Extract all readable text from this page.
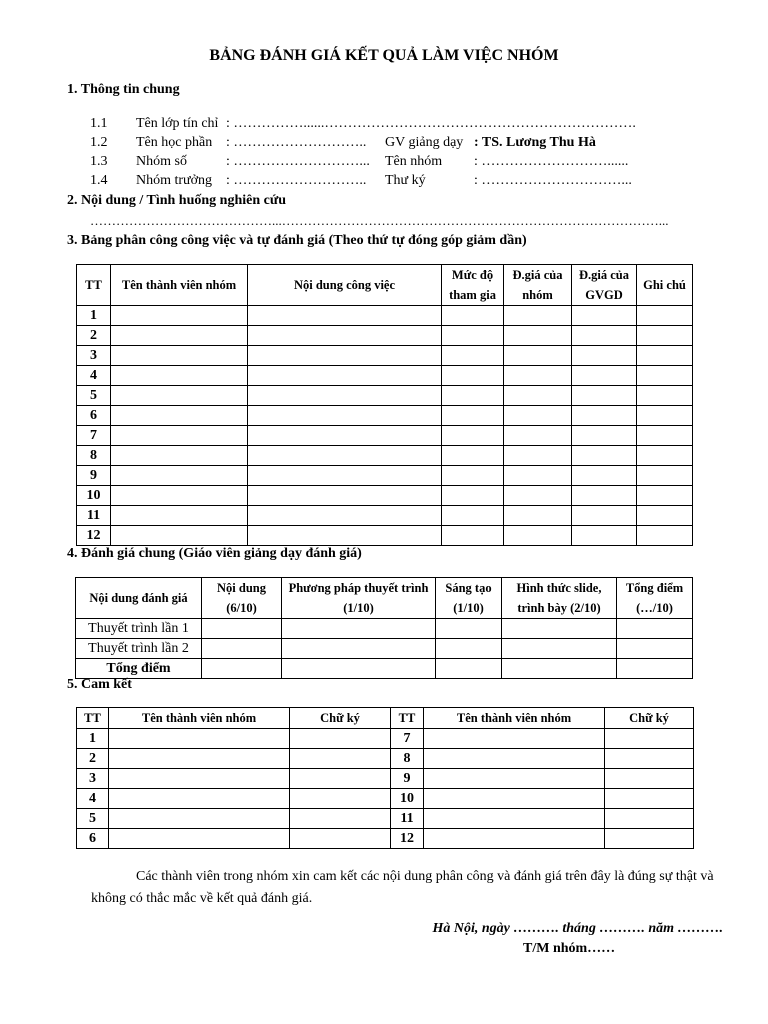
BẢNG ĐÁNH GIÁ KẾT QUẢ LÀM VIỆC NHÓM
1. Thông tin chung
1.1 Tên lớp tín chỉ : ……………......………………………………………………………….
1.2 Tên học phần : ……………………….. GV giảng dạy : TS. Lương Thu Hà
1.3 Nhóm số	: ………………………... Tên nhóm : ………………………......
1.4 Nhóm trưởng : ……………………….. Thư ký	: …………………………...
2. Nội dung / Tình huống nghiên cứu
……………………………………...……………………………………………………………………………...
3. Bảng phân công công việc và tự đánh giá (Theo thứ tự đóng góp giảm dần)
TT	Tên thành viên nhóm	Nội dung công việc	Mức độ tham gia	Đ.giá của nhóm	Đ.giá của GVGD	Ghi chú
1						
2						
3						
4						
5						
6						
7						
8						
9						
10						
11						
12						
4. Đánh giá chung (Giáo viên giảng dạy đánh giá)
Nội dung đánh giá	Nội dung (6/10)	Phương pháp thuyết trình (1/10)	Sáng tạo (1/10)	Hình thức slide, trình bày (2/10)	Tổng điểm (…/10)
Thuyết trình lần 1					
Thuyết trình lần 2					
Tổng điểm					
5. Cam kết
TT	Tên thành viên nhóm	Chữ ký	TT	Tên thành viên nhóm	Chữ ký
1			7		
2			8		
3			9		
4			10		
5			11		
6			12		
Các thành viên trong nhóm xin cam kết các nội dung phân công và đánh giá trên đây là đúng sự thật và không có thắc mắc về kết quả đánh giá.
Hà Nội, ngày ………. tháng ………. năm ……….
T/M nhóm……
